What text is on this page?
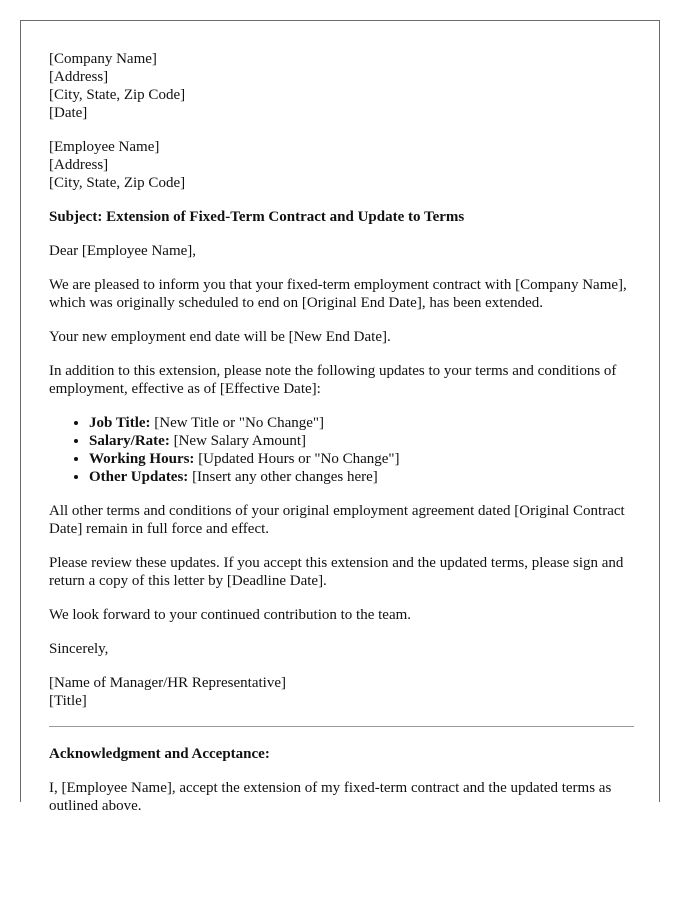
[Company Name]
[Address]
[City, State, Zip Code]
[Date]
[Employee Name]
[Address]
[City, State, Zip Code]

Subject: Extension of Fixed-Term Contract and Update to Terms

Dear [Employee Name],

We are pleased to inform you that your fixed-term employment contract with [Company Name], which was originally scheduled to end on [Original End Date], has been extended.

Your new employment end date will be [New End Date].

In addition to this extension, please note the following updates to your terms and conditions of employment, effective as of [Effective Date]:

• Job Title: [New Title or "No Change"]
• Salary/Rate: [New Salary Amount]
• Working Hours: [Updated Hours or "No Change"]
• Other Updates: [Insert any other changes here]

All other terms and conditions of your original employment agreement dated [Original Contract Date] remain in full force and effect.

Please review these updates. If you accept this extension and the updated terms, please sign and return a copy of this letter by [Deadline Date].

We look forward to your continued contribution to the team.

Sincerely,

[Name of Manager/HR Representative]
[Title]

Acknowledgment and Acceptance:

I, [Employee Name], accept the extension of my fixed-term contract and the updated terms as outlined above.
